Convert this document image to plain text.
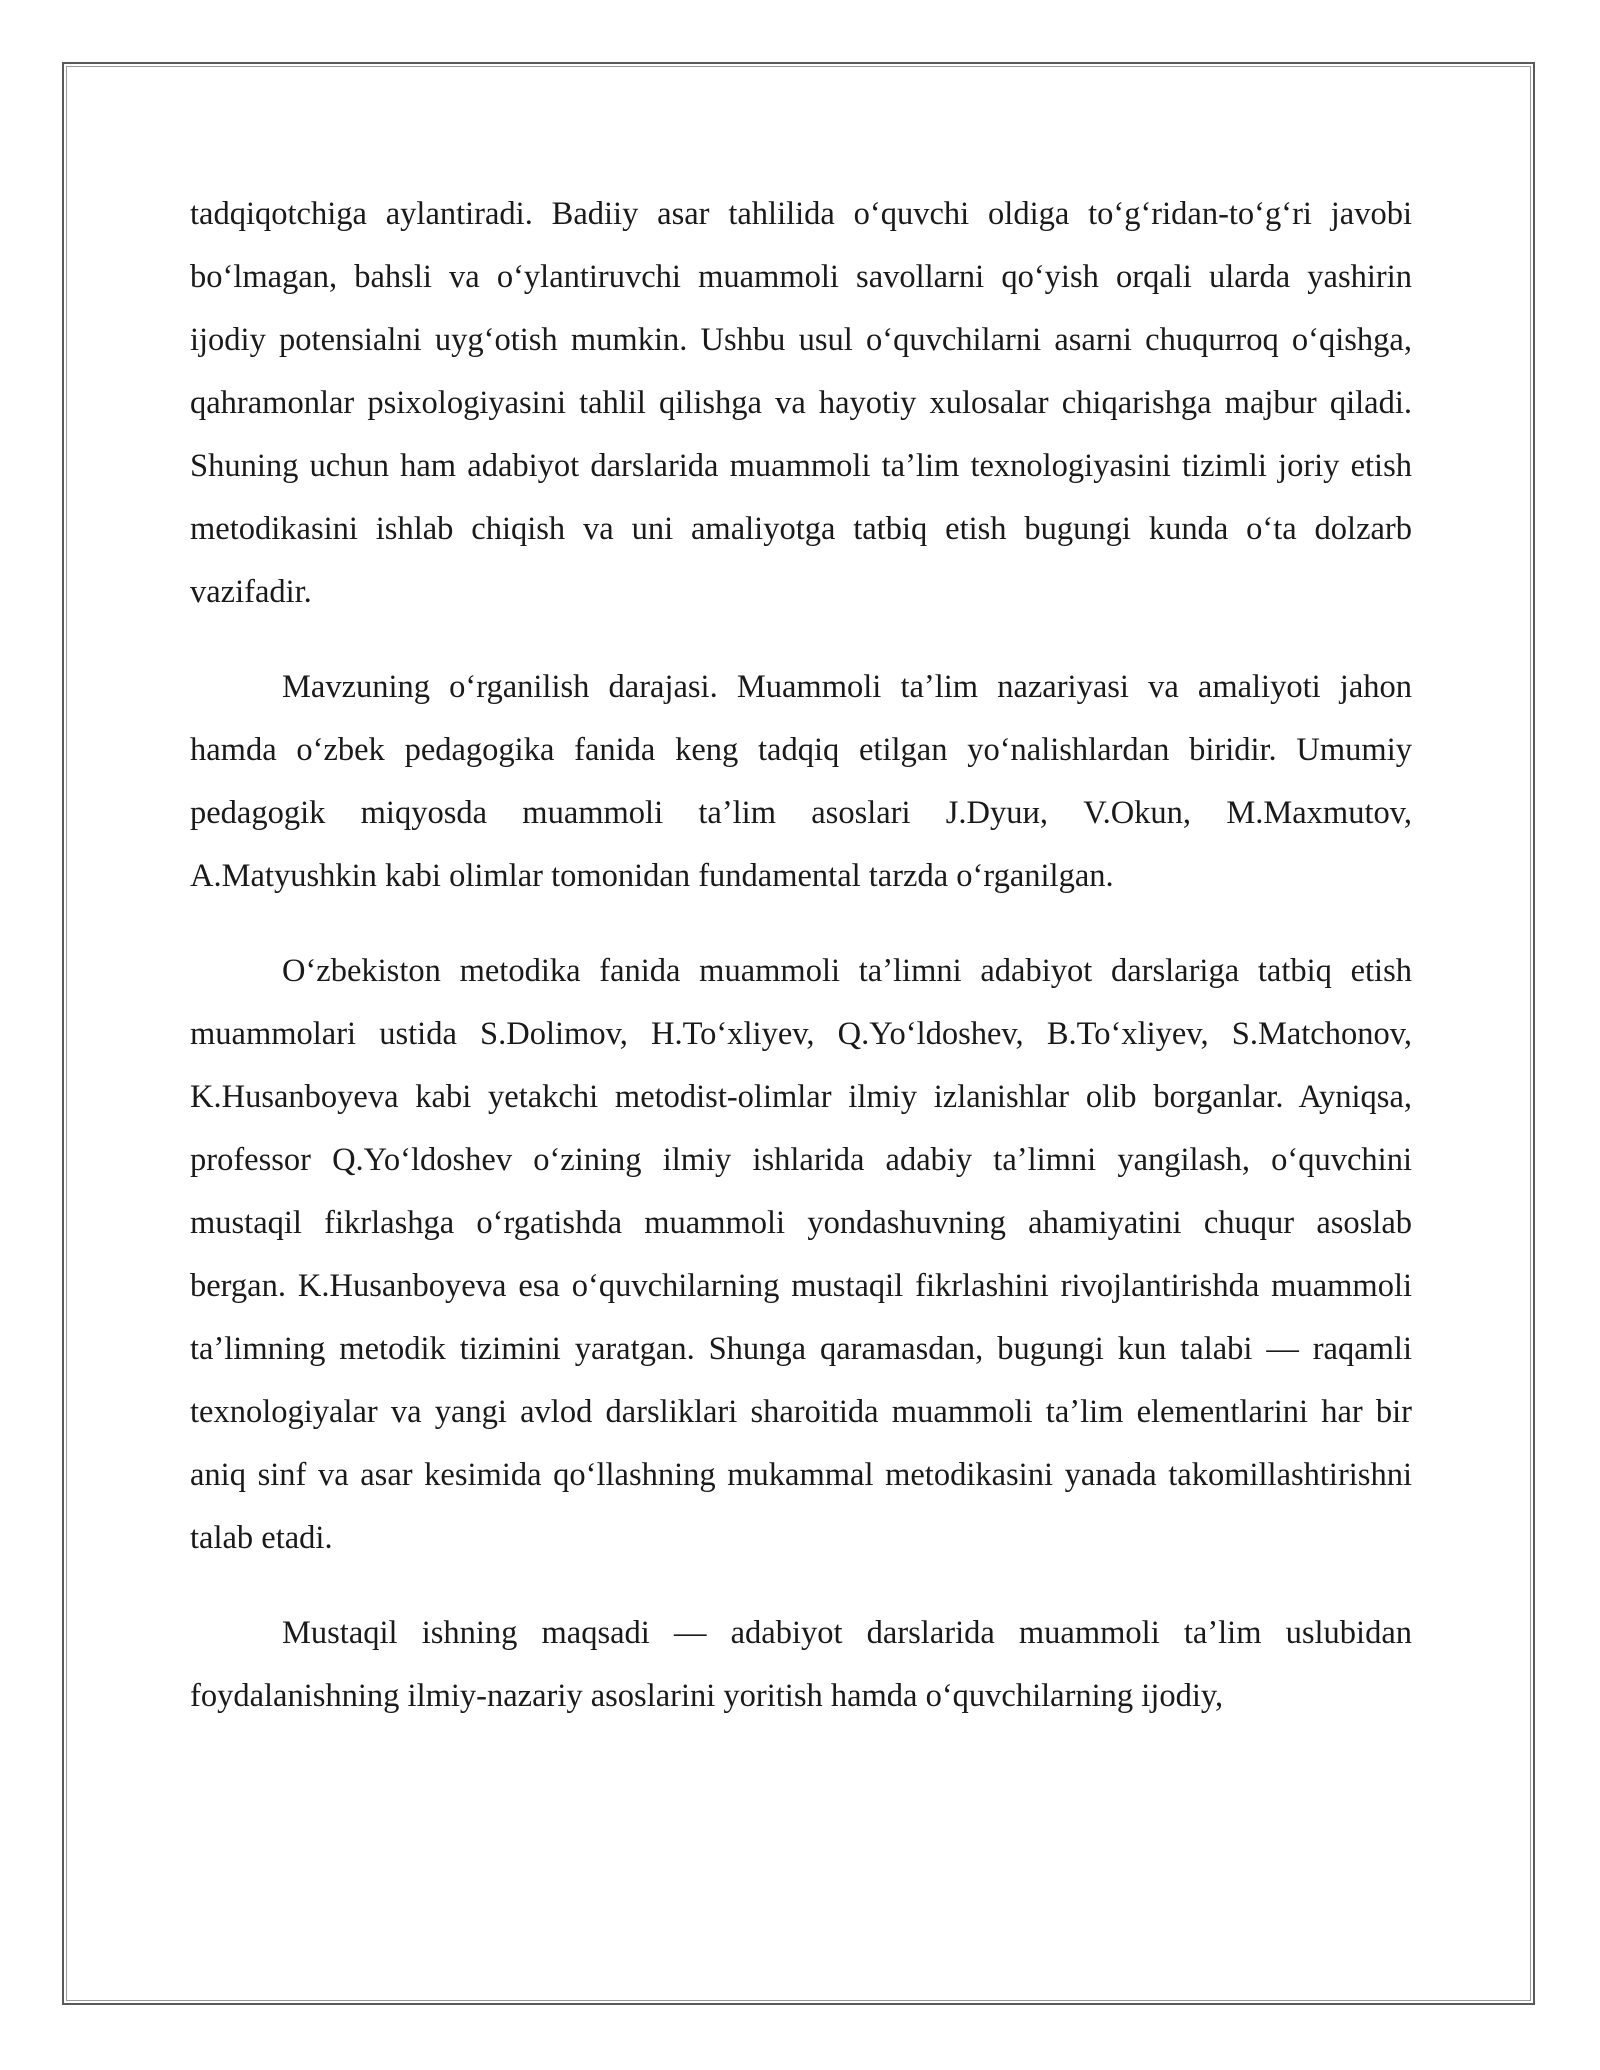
tadqiqotchiga aylantiradi. Badiiy asar tahlilida oʻquvchi oldiga toʻgʻridan-toʻgʻri javobi boʻlmagan, bahsli va oʻylantiruvchi muammoli savollarni qoʻyish orqali ularda yashirin ijodiy potensialni uygʻotish mumkin. Ushbu usul oʻquvchilarni asarni chuqurroq oʻqishga, qahramonlar psixologiyasini tahlil qilishga va hayotiy xulosalar chiqarishga majbur qiladi. Shuning uchun ham adabiyot darslarida muammoli taʼlim texnologiyasini tizimli joriy etish metodikasini ishlab chiqish va uni amaliyotga tatbiq etish bugungi kunda oʻta dolzarb vazifadir.

Mavzuning oʻrganilish darajasi. Muammoli taʼlim nazariyasi va amaliyoti jahon hamda oʻzbek pedagogika fanida keng tadqiq etilgan yoʻnalishlardan biridir. Umumiy pedagogik miqyosda muammoli taʼlim asoslari J.Dyuи, V.Okun, M.Maxmutov, A.Matyushkin kabi olimlar tomonidan fundamental tarzda oʻrganilgan.

Oʻzbekiston metodika fanida muammoli taʼlimni adabiyot darslariga tatbiq etish muammolari ustida S.Dolimov, H.Toʻxliyev, Q.Yoʻldoshev, B.Toʻxliyev, S.Matchonov, K.Husanboyeva kabi yetakchi metodist-olimlar ilmiy izlanishlar olib borganlar. Ayniqsa, professor Q.Yoʻldoshev oʻzining ilmiy ishlarida adabiy taʼlimni yangilash, oʻquvchini mustaqil fikrlashga oʻrgatishda muammoli yondashuvning ahamiyatini chuqur asoslab bergan. K.Husanboyeva esa oʻquvchilarning mustaqil fikrlashini rivojlantirishda muammoli taʼlimning metodik tizimini yaratgan. Shunga qaramasdan, bugungi kun talabi — raqamli texnologiyalar va yangi avlod darsliklari sharoitida muammoli taʼlim elementlarini har bir aniq sinf va asar kesimida qoʻllashning mukammal metodikasini yanada takomillashtirishni talab etadi.

Mustaqil ishning maqsadi — adabiyot darslarida muammoli taʼlim uslubidan foydalanishning ilmiy-nazariy asoslarini yoritish hamda oʻquvchilarning ijodiy,
